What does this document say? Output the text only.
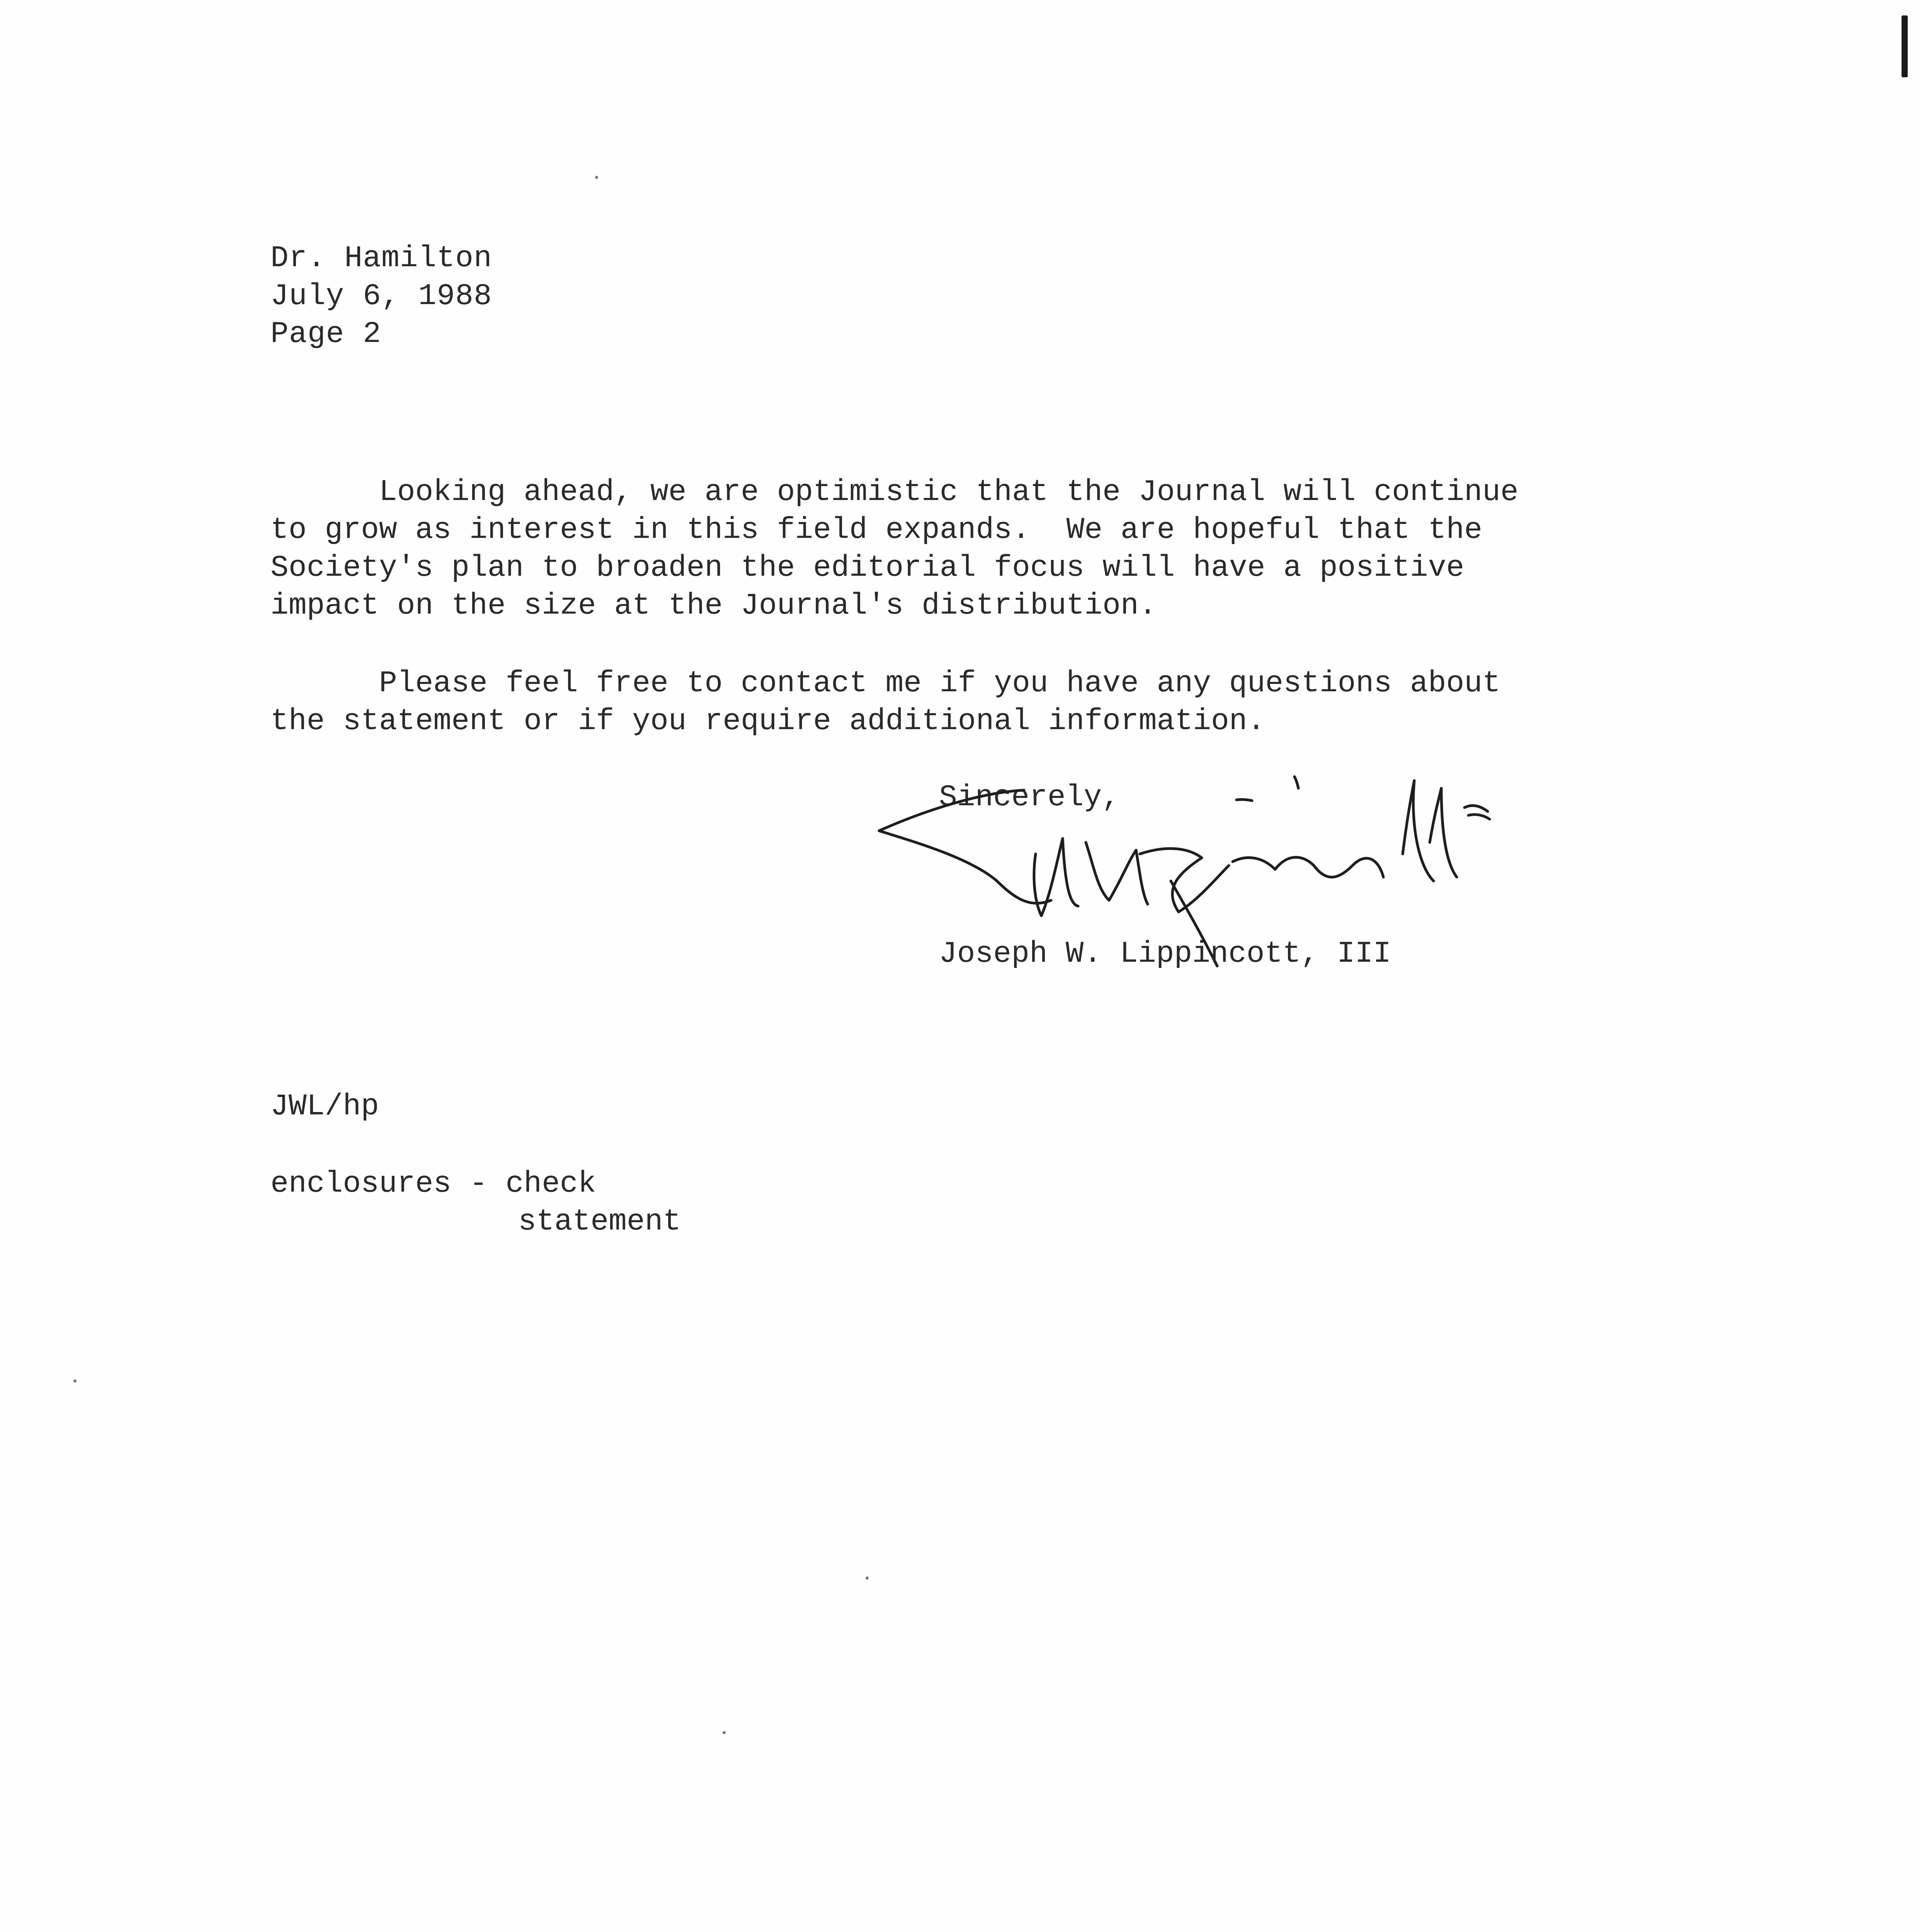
Dr. Hamilton
July 6, 1988
Page 2
Looking ahead, we are optimistic that the Journal will continue
to grow as interest in this field expands.  We are hopeful that the
Society's plan to broaden the editorial focus will have a positive
impact on the size at the Journal's distribution.
Please feel free to contact me if you have any questions about
the statement or if you require additional information.
Sincerely,
Joseph W. Lippincott, III
JWL/hp
enclosures - check
statement
